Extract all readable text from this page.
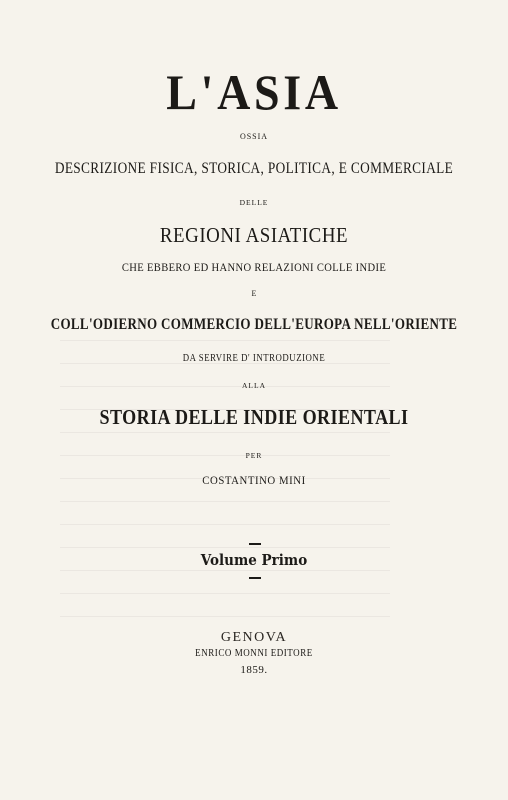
L'ASIA
OSSIA
DESCRIZIONE FISICA, STORICA, POLITICA, E COMMERCIALE
DELLE
REGIONI ASIATICHE
CHE EBBERO ED HANNO RELAZIONI COLLE INDIE
E
COLL'ODIERNO COMMERCIO DELL'EUROPA NELL'ORIENTE
DA SERVIRE D' INTRODUZIONE
ALLA
STORIA DELLE INDIE ORIENTALI
PER
COSTANTINO MINI
Volume Primo
GENOVA
ENRICO MONNI EDITORE
1859.
